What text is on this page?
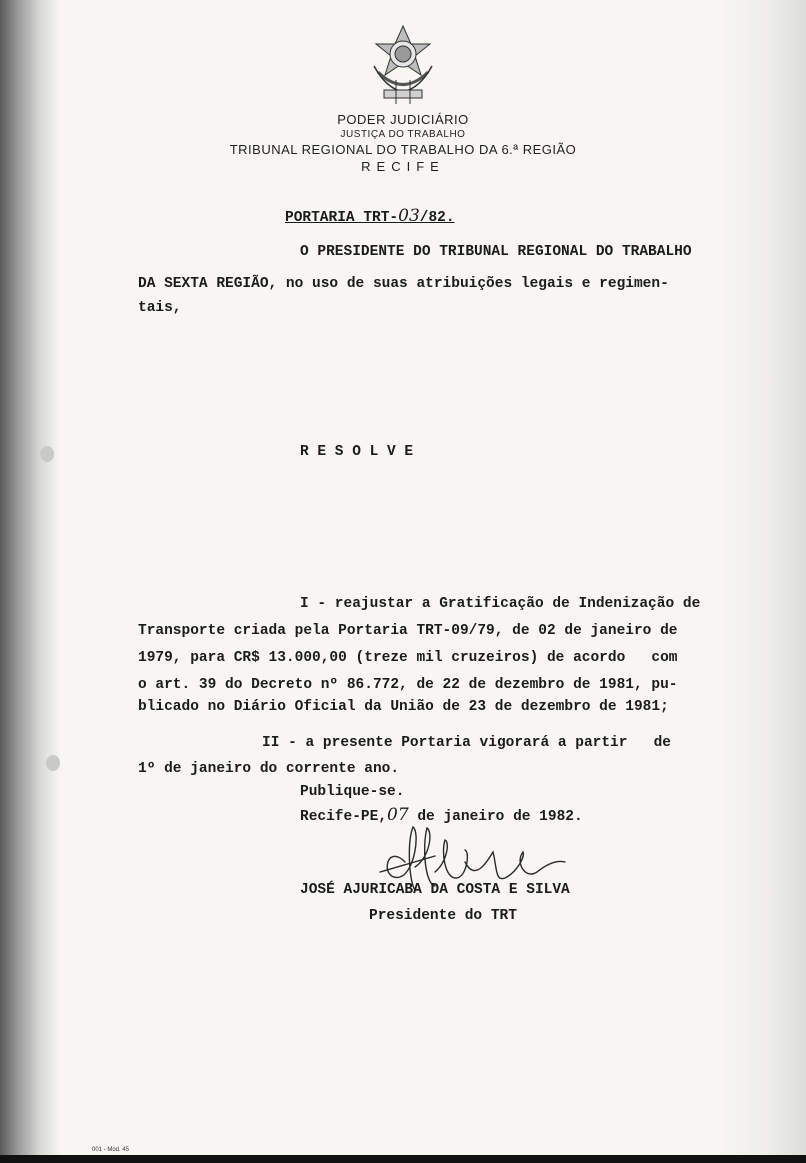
PODER JUDICIÁRIO
JUSTIÇA DO TRABALHO
TRIBUNAL REGIONAL DO TRABALHO DA 6.ª REGIÃO
RECIFE
PORTARIA TRT-03/82.
O PRESIDENTE DO TRIBUNAL REGIONAL DO TRABALHO
DA SEXTA REGIÃO, no uso de suas atribuições legais e regimen-
tais,
R E S O L V E
I - reajustar a Gratificação de Indenização de
Transporte criada pela Portaria TRT-09/79, de 02 de janeiro de
1979, para CR$ 13.000,00 (treze mil cruzeiros) de acordo   com
o art. 39 do Decreto nº 86.772, de 22 de dezembro de 1981, pu-
blicado no Diário Oficial da União de 23 de dezembro de 1981;
II - a presente Portaria vigorará a partir   de
1º de janeiro do corrente ano.
Publique-se.
Recife-PE,07 de janeiro de 1982.
JOSÉ AJURICABA DA COSTA E SILVA
Presidente do TRT
001 - Mod. 45
